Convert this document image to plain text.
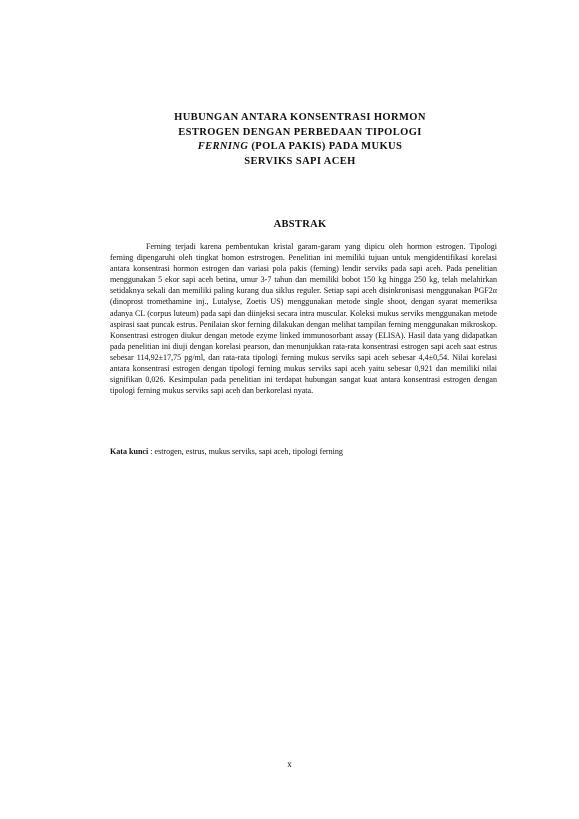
HUBUNGAN ANTARA KONSENTRASI HORMON
ESTROGEN DENGAN PERBEDAAN TIPOLOGI
FERNING (POLA PAKIS) PADA MUKUS
SERVIKS SAPI ACEH
ABSTRAK

Ferning terjadi karena pembentukan kristal garam-garam yang dipicu oleh hormon estrogen. Tipologi ferning dipengaruhi oleh tingkat homon estrstrogen. Penelitian ini memiliki tujuan untuk mengidentifikasi korelasi antara konsentrasi hormon estrogen dan variasi pola pakis (ferning) lendir serviks pada sapi aceh. Pada penelitian menggunakan 5 ekor sapi aceh betina, umur 3-7 tahun dan memiliki bobot 150 kg hingga 250 kg, telah melahirkan setidaknya sekali dan memiliki paling kurang dua siklus reguler. Setiap sapi aceh disinkronisasi menggunakan PGF2α (dinoprost tromethamine inj., Lutalyse, Zoetis US) menggunakan metode single shoot, dengan syarat memeriksa adanya CL (corpus luteum) pada sapi dan diinjeksi secara intra muscular. Koleksi mukus serviks menggunakan metode aspirasi saat puncak estrus. Penilaian skor ferning dilakukan dengan melihat tampilan ferning menggunakan mikroskop. Konsentrasi estrogen diukur dengan metode ezyme linked immunosorbant assay (ELISA). Hasil data yang didapatkan pada penelitian ini diuji dengan korelasi pearson, dan menunjukkan rata-rata konsentrasi estrogen sapi aceh saat estrus sebesar 114,92±17,75 pg/ml, dan rata-rata tipologi ferning mukus serviks sapi aceh sebesar 4,4±0,54. Nilai korelasi antara konsentrasi estrogen dengan tipologi ferning mukus serviks sapi aceh yaitu sebesar 0,921 dan memiliki nilai signifikan 0,026. Kesimpulan pada penelitian ini terdapat hubungan sangat kuat antara konsentrasi estrogen dengan tipologi ferning mukus serviks sapi aceh dan berkorelasi nyata.

Kata kunci : estrogen, estrus, mukus serviks, sapi aceh, tipologi ferning

x
